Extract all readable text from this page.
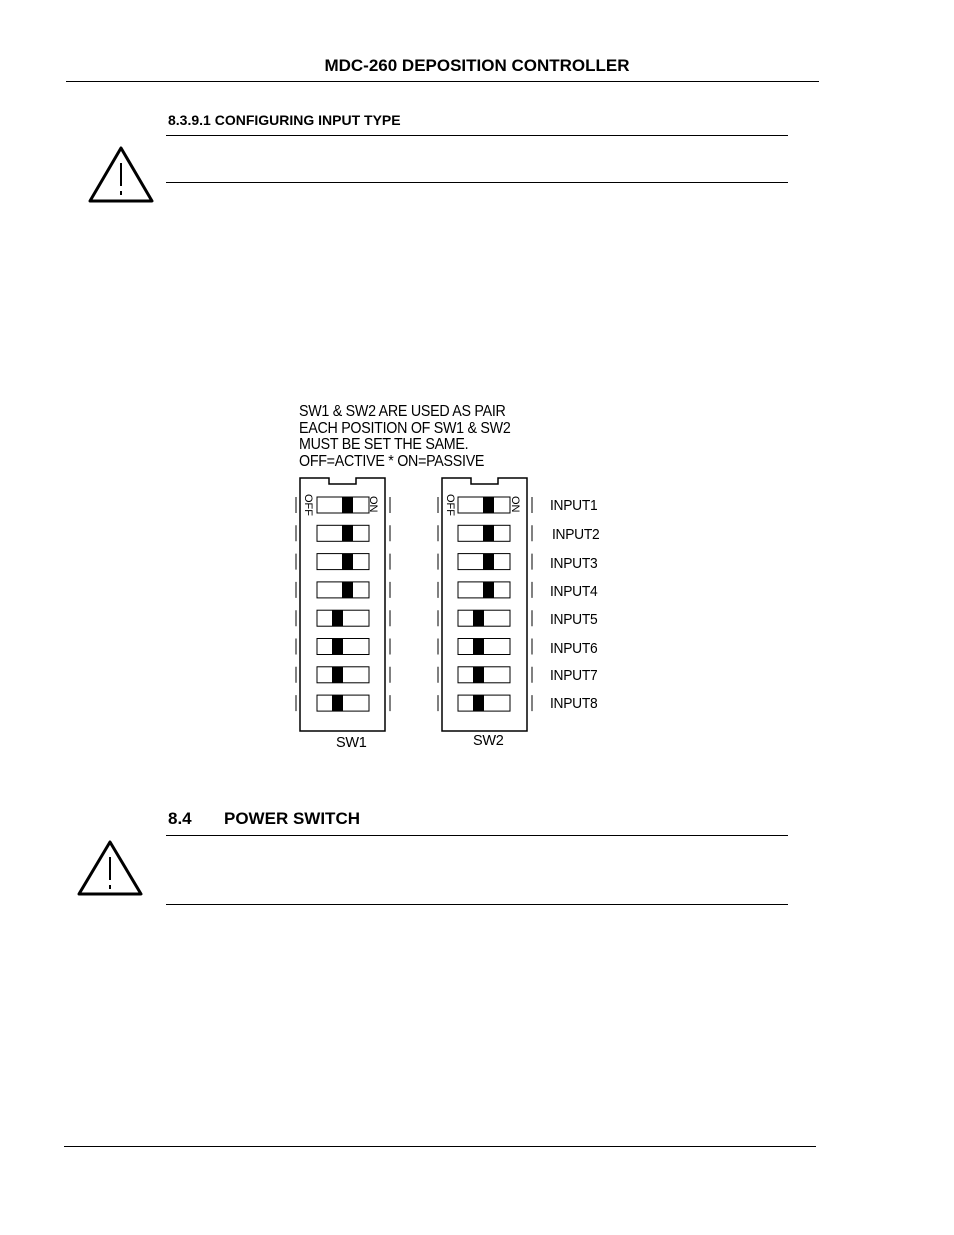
MDC-260 DEPOSITION CONTROLLER
8.3.9.1 CONFIGURING INPUT TYPE
OFF	ON	OFF	ON
SW1 & SW2 ARE USED AS PAIR
EACH POSITION OF SW1 & SW2
MUST BE SET THE SAME.
OFF=ACTIVE * ON=PASSIVE
SW1	SW2
INPUT1
INPUT2
INPUT3
INPUT4
INPUT5
INPUT6
INPUT7
INPUT8
8.4 POWER SWITCH
